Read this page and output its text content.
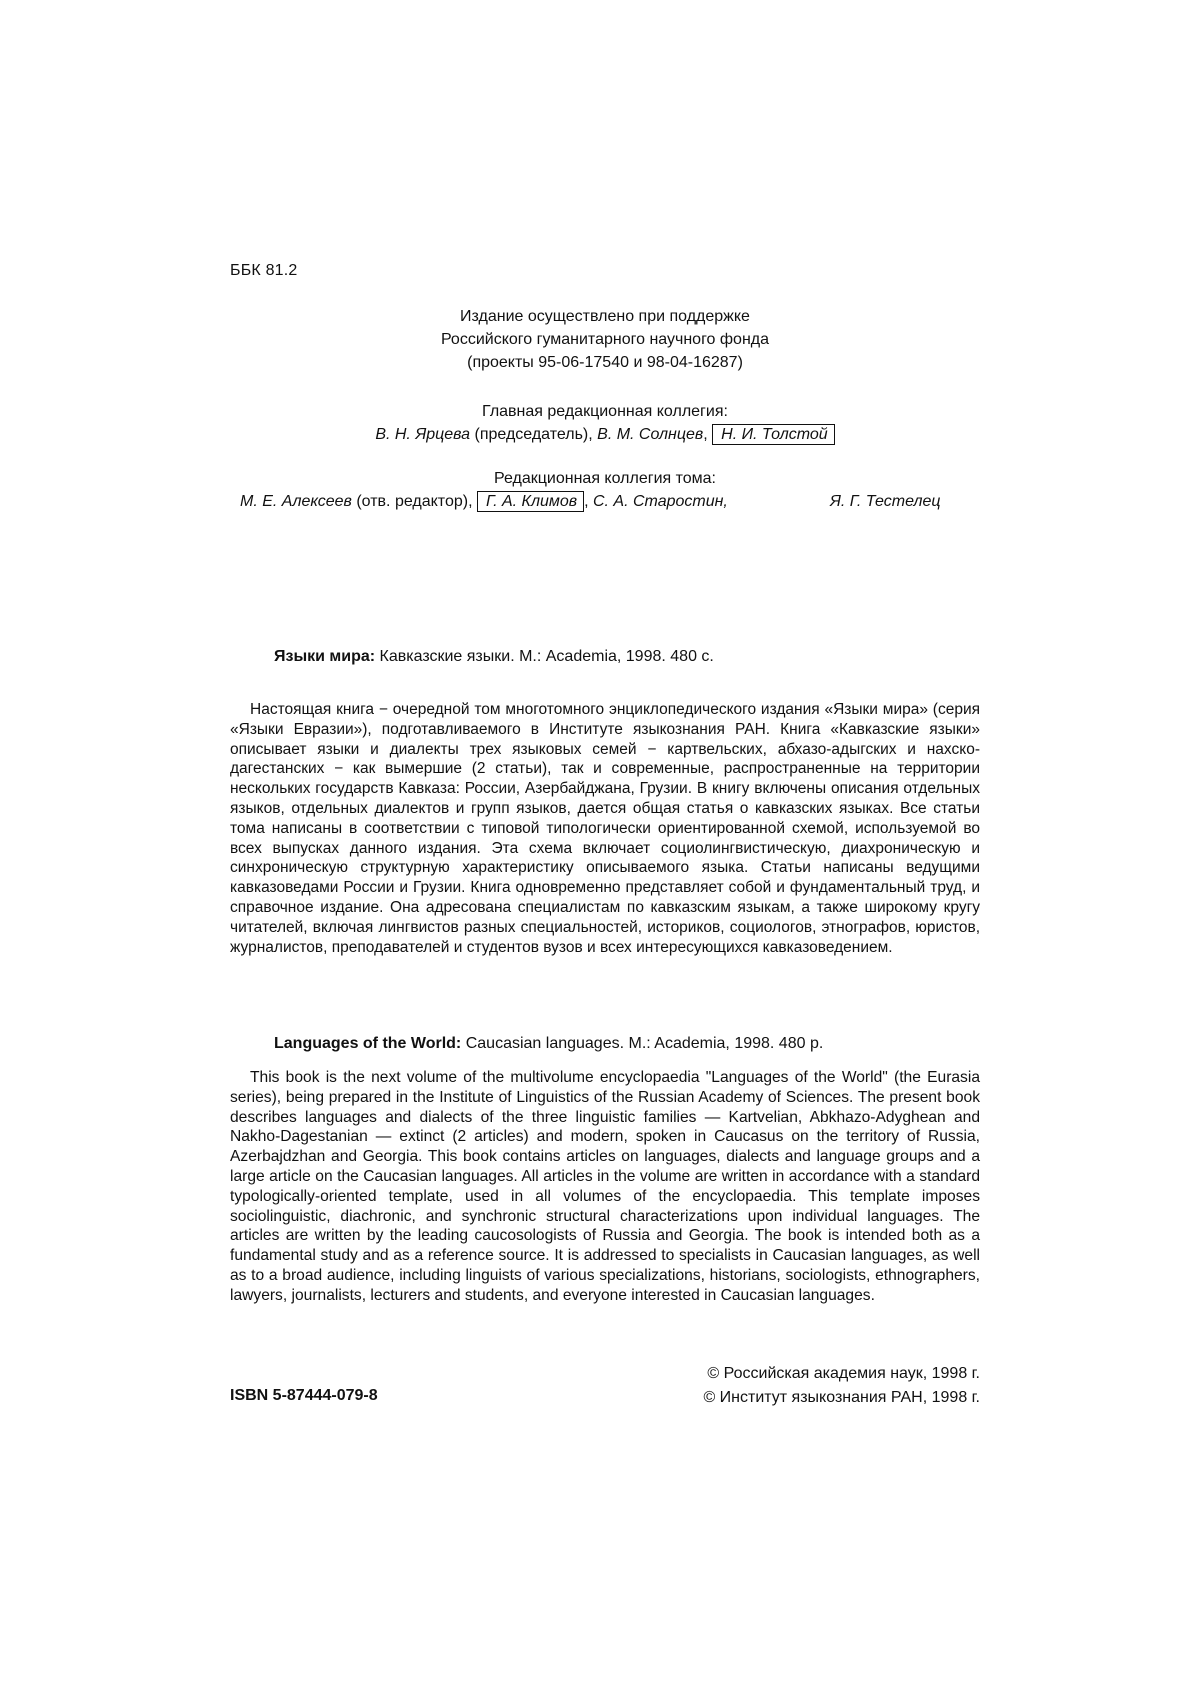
ББК 81.2
Издание осуществлено при поддержке
Российского гуманитарного научного фонда
(проекты 95-06-17540 и 98-04-16287)
Главная редакционная коллегия:
В. Н. Ярцева (председатель), В. М. Солнцев, Н. И. Толстой
Редакционная коллегия тома:
М. Е. Алексеев (отв. редактор), Г. А. Климов , С. А. Старостин,	Я. Г. Тестелец
Языки мира: Кавказские языки. М.: Academia, 1998. 480 с.

Настоящая книга − очередной том многотомного энциклопедического издания «Языки мира» (серия «Языки Евразии»), подготавливаемого в Институте языкознания РАН. Книга «Кавказские языки» описывает языки и диалекты трех языковых семей − картвельских, абхазо-адыгских и нахско-дагестанских − как вымершие (2 статьи), так и современные, распространенные на территории нескольких государств Кавказа: России, Азербайджана, Грузии. В книгу включены описания отдельных языков, отдельных диалектов и групп языков, дается общая статья о кавказских языках. Все статьи тома написаны в соответствии с типовой типологически ориентированной схемой, используемой во всех выпусках данного издания. Эта схема включает социолингвистическую, диахроническую и синхроническую структурную характеристику описываемого языка. Статьи написаны ведущими кавказоведами России и Грузии. Книга одновременно представляет собой и фундаментальный труд, и справочное издание. Она адресована специалистам по кавказским языкам, а также широкому кругу читателей, включая лингвистов разных специальностей, историков, социологов, этнографов, юристов, журналистов, преподавателей и студентов вузов и всех интересующихся кавказоведением.

Languages of the World: Caucasian languages. M.: Academia, 1998. 480 p.

This book is the next volume of the multivolume encyclopaedia "Languages of the World" (the Eurasia series), being prepared in the Institute of Linguistics of the Russian Academy of Sciences. The present book describes languages and dialects of the three linguistic families — Kartvelian, Abkhazo-Adyghean and Nakho-Dagestanian — extinct (2 articles) and modern, spoken in Caucasus on the territory of Russia, Azerbajdzhan and Georgia. This book contains articles on languages, dialects and language groups and a large article on the Caucasian languages. All articles in the volume are written in accordance with a standard typologically-oriented template, used in all volumes of the encyclopaedia. This template imposes sociolinguistic, diachronic, and synchronic structural characterizations upon individual languages. The articles are written by the leading caucosologists of Russia and Georgia. The book is intended both as a fundamental study and as a reference source. It is addressed to specialists in Caucasian languages, as well as to a broad audience, including linguists of various specializations, historians, sociologists, ethnographers, lawyers, journalists, lecturers and students, and everyone interested in Caucasian languages.

© Российская академия наук, 1998 г.
© Институт языкознания РАН, 1998 г.
ISBN 5-87444-079-8
